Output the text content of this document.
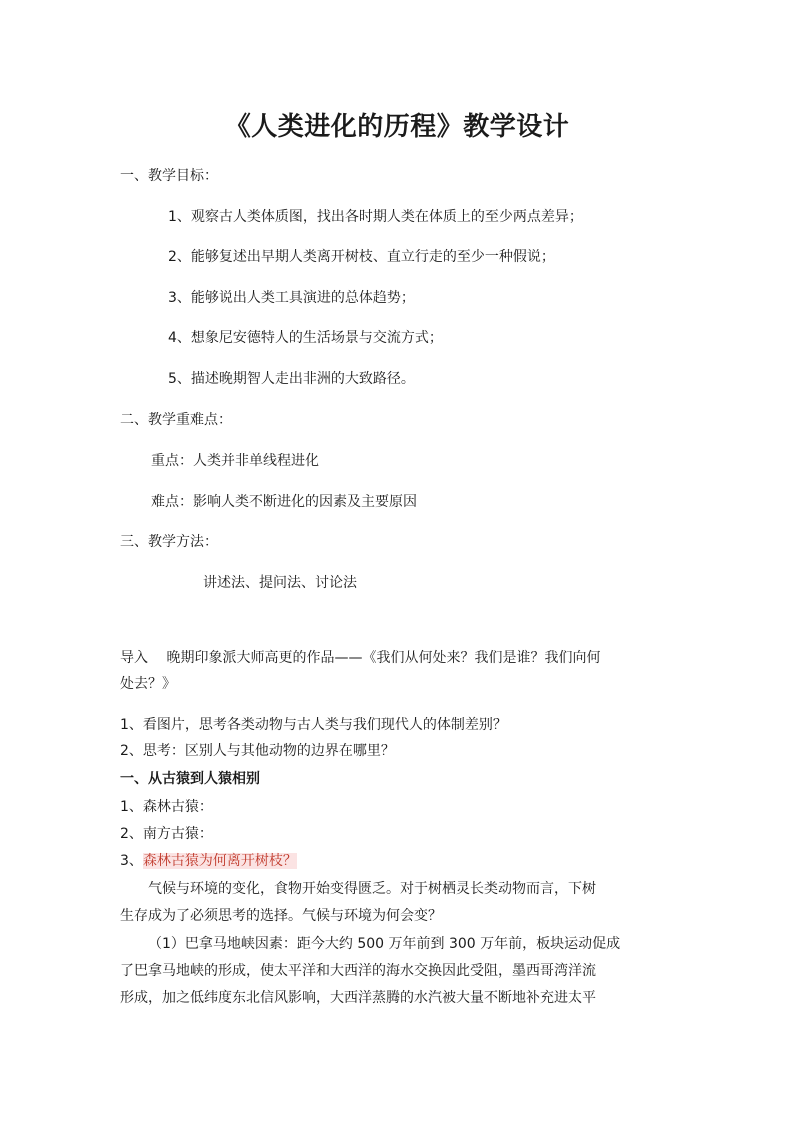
《人类进化的历程》教学设计
一、教学目标：
1、观察古人类体质图，找出各时期人类在体质上的至少两点差异；
2、能够复述出早期人类离开树枝、直立行走的至少一种假说；
3、能够说出人类工具演进的总体趋势；
4、想象尼安德特人的生活场景与交流方式；
5、描述晚期智人走出非洲的大致路径。
二、教学重难点：
重点：人类并非单线程进化
难点：影响人类不断进化的因素及主要原因
三、教学方法：
讲述法、提问法、讨论法
导入　 晚期印象派大师高更的作品——《我们从何处来？我们是谁？我们向何
处去？》
1、看图片，思考各类动物与古人类与我们现代人的体制差别？
2、思考：区别人与其他动物的边界在哪里？
一、从古猿到人猿相别
1、森林古猿：
2、南方古猿：
3、森林古猿为何离开树枝？
气候与环境的变化，食物开始变得匮乏。对于树栖灵长类动物而言，下树
生存成为了必须思考的选择。气候与环境为何会变？
（1）巴拿马地峡因素：距今大约 500 万年前到 300 万年前，板块运动促成
了巴拿马地峡的形成，使太平洋和大西洋的海水交换因此受阻，墨西哥湾洋流
形成，加之低纬度东北信风影响，大西洋蒸腾的水汽被大量不断地补充进太平
